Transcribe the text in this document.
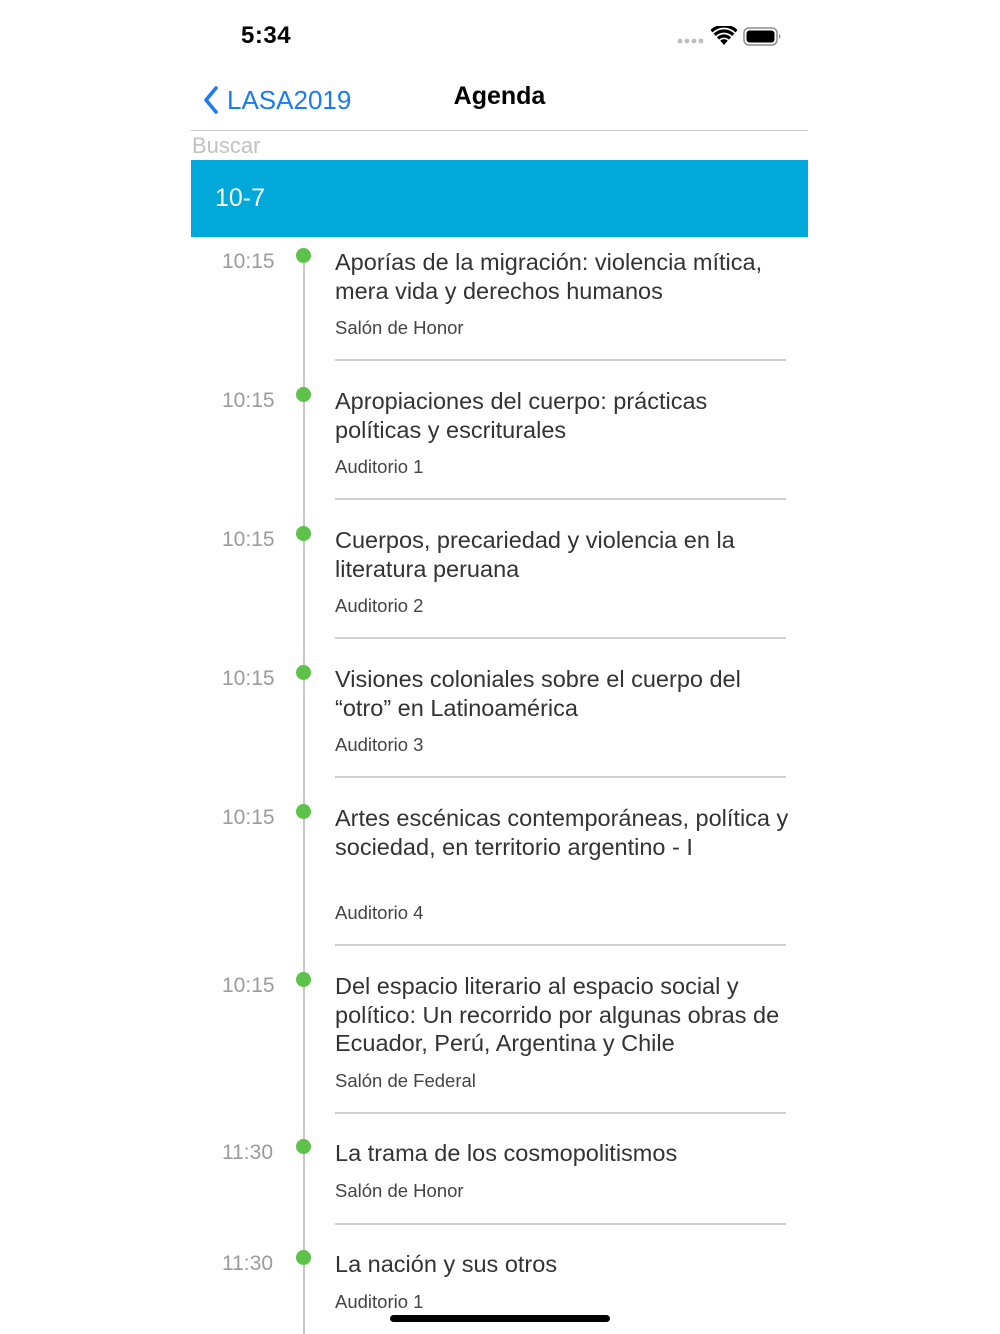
5:34
LASA2019	Agenda
Buscar
10-7
10:15	Aporías de la migración: violencia mítica, mera vida y derechos humanos
Salón de Honor
10:15	Apropiaciones del cuerpo: prácticas políticas y escriturales
Auditorio 1
10:15	Cuerpos, precariedad y violencia en la literatura peruana
Auditorio 2
10:15	Visiones coloniales sobre el cuerpo del “otro” en Latinoamérica
Auditorio 3
10:15	Artes escénicas contemporáneas, política y sociedad, en territorio argentino - I
Auditorio 4
10:15	Del espacio literario al espacio social y político: Un recorrido por algunas obras de Ecuador, Perú, Argentina y Chile
Salón de Federal
11:30	La trama de los cosmopolitismos
Salón de Honor
11:30	La nación y sus otros
Auditorio 1
